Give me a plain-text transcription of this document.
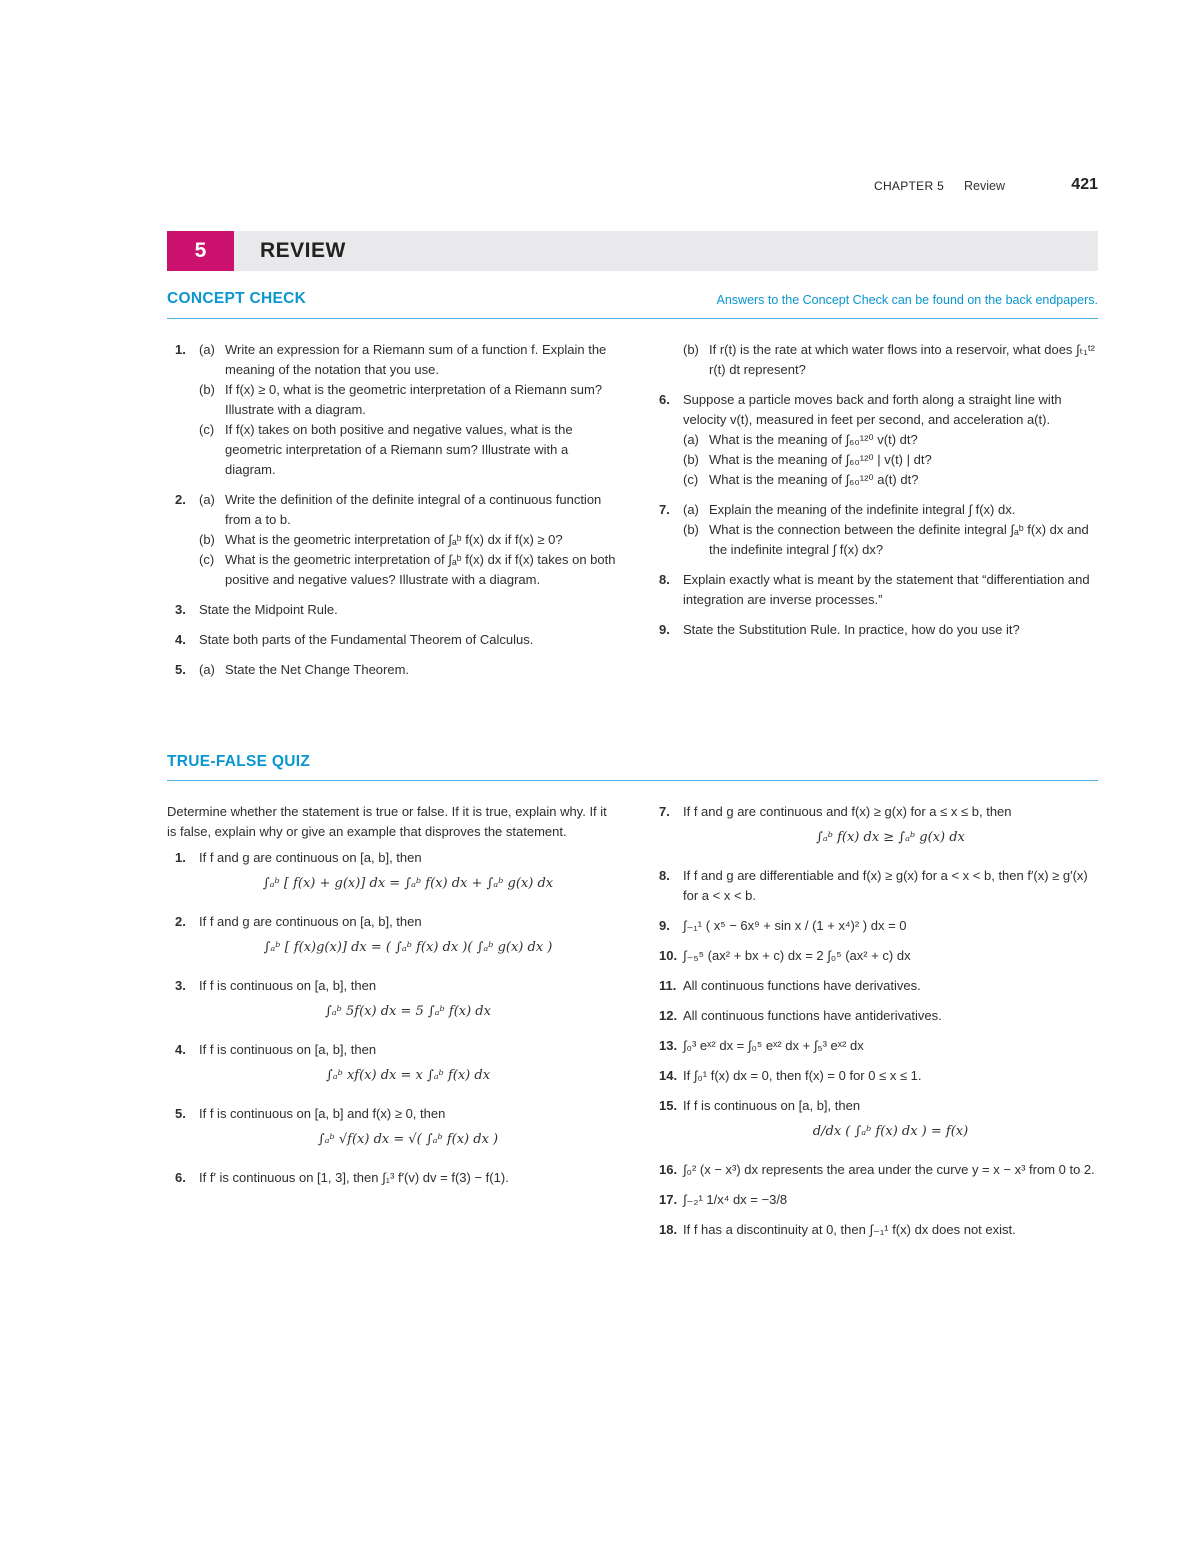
CHAPTER 5 Review	421
5	REVIEW
CONCEPT CHECK	Answers to the Concept Check can be found on the back endpapers.
1. (a) Write an expression for a Riemann sum of a function f. Explain the meaning of the notation that you use.
(b) If f(x) ≥ 0, what is the geometric interpretation of a Riemann sum? Illustrate with a diagram.
(c) If f(x) takes on both positive and negative values, what is the geometric interpretation of a Riemann sum? Illustrate with a diagram.
2. (a) Write the definition of the definite integral of a continuous function from a to b.
(b) What is the geometric interpretation of ∫ₐᵇ f(x) dx if f(x) ≥ 0?
(c) What is the geometric interpretation of ∫ₐᵇ f(x) dx if f(x) takes on both positive and negative values? Illustrate with a diagram.
3. State the Midpoint Rule.
4. State both parts of the Fundamental Theorem of Calculus.
5. (a) State the Net Change Theorem.
(b) If r(t) is the rate at which water flows into a reservoir, what does ∫ₜ₁ᵗ² r(t) dt represent?
6. Suppose a particle moves back and forth along a straight line with velocity v(t), measured in feet per second, and acceleration a(t).
(a) What is the meaning of ∫₆₀¹²⁰ v(t) dt?
(b) What is the meaning of ∫₆₀¹²⁰ | v(t) | dt?
(c) What is the meaning of ∫₆₀¹²⁰ a(t) dt?
7. (a) Explain the meaning of the indefinite integral ∫ f(x) dx.
(b) What is the connection between the definite integral ∫ₐᵇ f(x) dx and the indefinite integral ∫ f(x) dx?
8. Explain exactly what is meant by the statement that “differentiation and integration are inverse processes.”
9. State the Substitution Rule. In practice, how do you use it?
TRUE-FALSE QUIZ
Determine whether the statement is true or false. If it is true, explain why. If it is false, explain why or give an example that disproves the statement.
1. If f and g are continuous on [a, b], then
∫ₐᵇ [ f(x) + g(x)] dx = ∫ₐᵇ f(x) dx + ∫ₐᵇ g(x) dx
2. If f and g are continuous on [a, b], then
∫ₐᵇ [ f(x)g(x)] dx = ( ∫ₐᵇ f(x) dx )( ∫ₐᵇ g(x) dx )
3. If f is continuous on [a, b], then
∫ₐᵇ 5f(x) dx = 5 ∫ₐᵇ f(x) dx
4. If f is continuous on [a, b], then
∫ₐᵇ xf(x) dx = x ∫ₐᵇ f(x) dx
5. If f is continuous on [a, b] and f(x) ≥ 0, then
∫ₐᵇ √f(x) dx = √( ∫ₐᵇ f(x) dx )
6. If f′ is continuous on [1, 3], then ∫₁³ f′(v) dv = f(3) − f(1).
7. If f and g are continuous and f(x) ≥ g(x) for a ≤ x ≤ b, then
∫ₐᵇ f(x) dx ≥ ∫ₐᵇ g(x) dx
8. If f and g are differentiable and f(x) ≥ g(x) for a < x < b, then f′(x) ≥ g′(x) for a < x < b.
9. ∫₋₁¹ ( x⁵ − 6x⁹ + sin x / (1 + x⁴)² ) dx = 0
10. ∫₋₅⁵ (ax² + bx + c) dx = 2 ∫₀⁵ (ax² + c) dx
11. All continuous functions have derivatives.
12. All continuous functions have antiderivatives.
13. ∫₀³ eˣ² dx = ∫₀⁵ eˣ² dx + ∫₅³ eˣ² dx
14. If ∫₀¹ f(x) dx = 0, then f(x) = 0 for 0 ≤ x ≤ 1.
15. If f is continuous on [a, b], then
d/dx ( ∫ₐᵇ f(x) dx ) = f(x)
16. ∫₀² (x − x³) dx represents the area under the curve y = x − x³ from 0 to 2.
17. ∫₋₂¹ 1/x⁴ dx = −3/8
18. If f has a discontinuity at 0, then ∫₋₁¹ f(x) dx does not exist.
